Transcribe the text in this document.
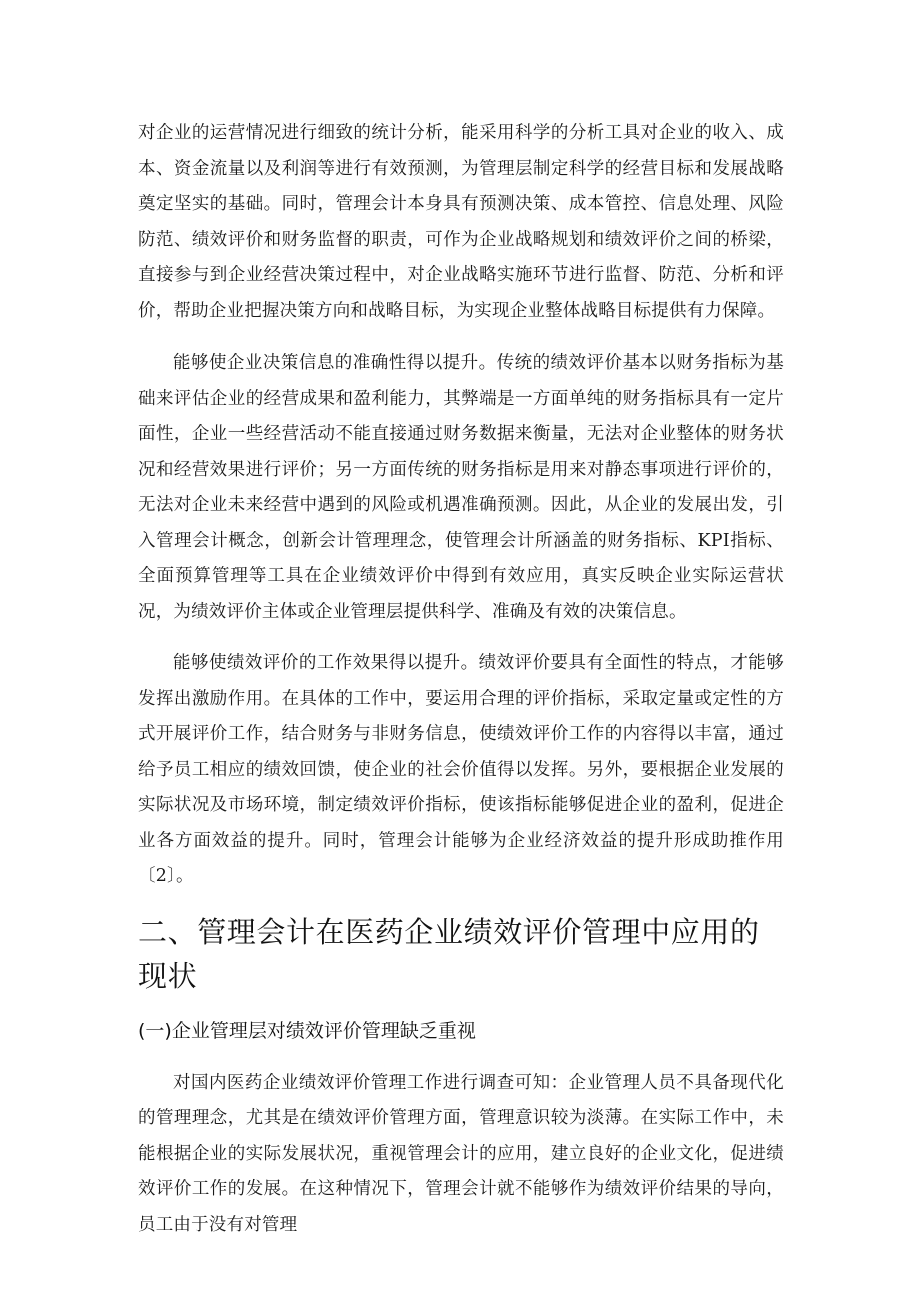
对企业的运营情况进行细致的统计分析，能采用科学的分析工具对企业的收入、成本、资金流量以及利润等进行有效预测，为管理层制定科学的经营目标和发展战略奠定坚实的基础。同时，管理会计本身具有预测决策、成本管控、信息处理、风险防范、绩效评价和财务监督的职责，可作为企业战略规划和绩效评价之间的桥梁，直接参与到企业经营决策过程中，对企业战略实施环节进行监督、防范、分析和评价，帮助企业把握决策方向和战略目标，为实现企业整体战略目标提供有力保障。

能够使企业决策信息的准确性得以提升。传统的绩效评价基本以财务指标为基础来评估企业的经营成果和盈利能力，其弊端是一方面单纯的财务指标具有一定片面性，企业一些经营活动不能直接通过财务数据来衡量，无法对企业整体的财务状况和经营效果进行评价；另一方面传统的财务指标是用来对静态事项进行评价的，无法对企业未来经营中遇到的风险或机遇准确预测。因此，从企业的发展出发，引入管理会计概念，创新会计管理理念，使管理会计所涵盖的财务指标、KPI指标、全面预算管理等工具在企业绩效评价中得到有效应用，真实反映企业实际运营状况，为绩效评价主体或企业管理层提供科学、准确及有效的决策信息。

能够使绩效评价的工作效果得以提升。绩效评价要具有全面性的特点，才能够发挥出激励作用。在具体的工作中，要运用合理的评价指标，采取定量或定性的方式开展评价工作，结合财务与非财务信息，使绩效评价工作的内容得以丰富，通过给予员工相应的绩效回馈，使企业的社会价值得以发挥。另外，要根据企业发展的实际状况及市场环境，制定绩效评价指标，使该指标能够促进企业的盈利，促进企业各方面效益的提升。同时，管理会计能够为企业经济效益的提升形成助推作用〔2〕。

二、管理会计在医药企业绩效评价管理中应用的现状
(一)企业管理层对绩效评价管理缺乏重视

对国内医药企业绩效评价管理工作进行调查可知：企业管理人员不具备现代化的管理理念，尤其是在绩效评价管理方面，管理意识较为淡薄。在实际工作中，未能根据企业的实际发展状况，重视管理会计的应用，建立良好的企业文化，促进绩效评价工作的发展。在这种情况下，管理会计就不能够作为绩效评价结果的导向，员工由于没有对管理
